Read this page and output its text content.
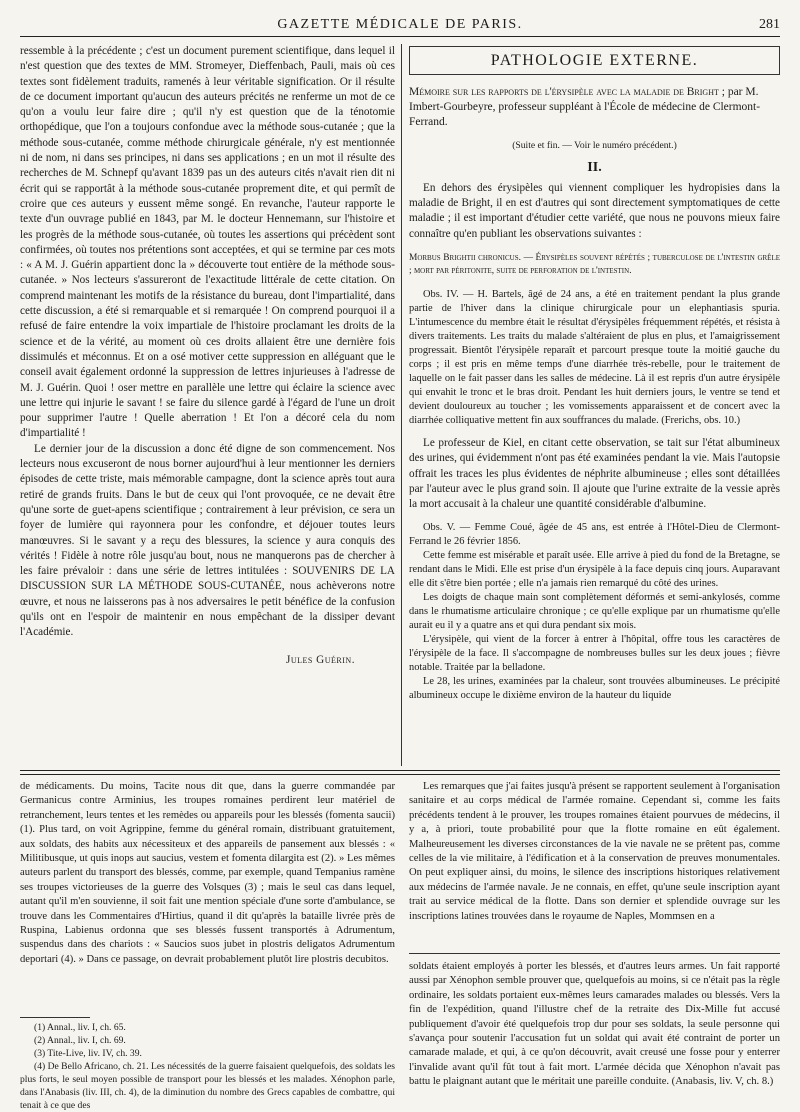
GAZETTE MÉDICALE DE PARIS.	281

ressemble à la précédente ; c'est un document purement scientifique, dans lequel il n'est question que des textes de MM. Stromeyer, Dieffenbach, Pauli, mais où ces textes sont fidèlement traduits, ramenés à leur véritable signification. Or il résulte de ce document important qu'aucun des auteurs précités ne renferme un mot de ce qu'on a voulu leur faire dire ; qu'il n'y est question que de la ténotomie orthopédique, que l'on a toujours confondue avec la méthode sous-cutanée ; que la méthode sous-cutanée, comme méthode chirurgicale générale, n'y est mentionnée ni de nom, ni dans ses principes, ni dans ses applications ; en un mot il résulte des recherches de M. Schnepf qu'avant 1839 pas un des auteurs cités n'avait rien dit ni écrit qui se rapportât à la méthode sous-cutanée proprement dite, et qui permît de croire que ces auteurs y eussent même songé. En revanche, l'auteur rapporte le texte d'un ouvrage publié en 1843, par M. le docteur Hennemann, sur l'histoire et les progrès de la méthode sous-cutanée, où toutes les assertions qui précèdent sont confirmées, où toutes nos prétentions sont acceptées, et qui se termine par ces mots : « A M. J. Guérin appartient donc la » découverte tout entière de la méthode sous-cutanée. » Nos lecteurs s'assureront de l'exactitude littérale de cette citation. On comprend maintenant les motifs de la résistance du bureau, dont l'impartialité, dans cette discussion, a été si remarquable et si remarquée ! On comprend pourquoi il a refusé de faire entendre la voix impartiale de l'histoire proclamant les droits de la science et de la vérité, au moment où ces droits allaient être une dernière fois dissimulés et méconnus. Et on a osé motiver cette suppression en alléguant que le conseil avait également ordonné la suppression de lettres injurieuses à l'adresse de M. J. Guérin. Quoi ! oser mettre en parallèle une lettre qui éclaire la science avec une lettre qui injurie le savant ! se faire du silence gardé à l'égard de l'une un droit pour supprimer l'autre ! Quelle aberration ! Et l'on a décoré cela du nom d'impartialité !

Le dernier jour de la discussion a donc été digne de son commencement. Nos lecteurs nous excuseront de nous borner aujourd'hui à leur mentionner les derniers épisodes de cette triste, mais mémorable campagne, dont la science après tout aura retiré de grands fruits. Dans le but de ceux qui l'ont provoquée, ce ne devait être qu'une sorte de guet-apens scientifique ; contrairement à leur prévision, ce sera un foyer de lumière qui rayonnera pour les confondre, et déjouer toutes leurs manœuvres. Si le savant y a reçu des blessures, la science y aura conquis des vérités ! Fidèle à notre rôle jusqu'au bout, nous ne manquerons pas de chercher à les faire prévaloir : dans une série de lettres intitulées : SOUVENIRS DE LA DISCUSSION SUR LA MÉTHODE SOUS-CUTANÉE, nous achèverons notre œuvre, et nous ne laisserons pas à nos adversaires le petit bénéfice de la confusion qu'ils ont en l'espoir de maintenir en nous empêchant de la dissiper devant l'Académie.

Jules Guérin.
PATHOLOGIE EXTERNE.
Mémoire sur les rapports de l'érysipèle avec la maladie de Bright ; par M. Imbert-Gourbeyre, professeur suppléant à l'École de médecine de Clermont-Ferrand.
(Suite et fin. — Voir le numéro précédent.)
II.

En dehors des érysipèles qui viennent compliquer les hydropisies dans la maladie de Bright, il en est d'autres qui sont directement symptomatiques de cette maladie ; il est important d'étudier cette variété, que nous ne pouvons mieux faire connaître qu'en publiant les observations suivantes :

Morbus Brightii chronicus. — Érysipèles souvent répétés ; tuberculose de l'intestin grêle ; mort par péritonite, suite de perforation de l'intestin.

Obs. IV. — H. Bartels, âgé de 24 ans, a été en traitement pendant la plus grande partie de l'hiver dans la clinique chirurgicale pour un elephantiasis spuria. L'intumescence du membre était le résultat d'érysipèles fréquemment répétés, et résista à divers traitements. Les traits du malade s'altéraient de plus en plus, et l'amaigrissement progressait. Bientôt l'érysipèle reparaît et parcourt presque toute la moitié gauche du corps ; il est pris en même temps d'une diarrhée très-rebelle, pour le traitement de laquelle on le fait passer dans les salles de médecine. Là il est repris d'un autre érysipèle qui envahit le tronc et le bras droit. Pendant les huit derniers jours, le ventre se tend et devient douloureux au toucher ; les vomissements apparaissent et de concert avec la diarrhée colliquative mettent fin aux souffrances du malade. (Frerichs, obs. 10.)

Le professeur de Kiel, en citant cette observation, se tait sur l'état albumineux des urines, qui évidemment n'ont pas été examinées pendant la vie. Mais l'autopsie offrait les traces les plus évidentes de néphrite albumineuse ; elles sont détaillées par l'auteur avec le plus grand soin. Il ajoute que l'urine extraite de la vessie après la mort accusait à la chaleur une quantité considérable d'albumine.

Obs. V. — Femme Coué, âgée de 45 ans, est entrée à l'Hôtel-Dieu de Clermont-Ferrand le 26 février 1856.

Cette femme est misérable et paraît usée. Elle arrive à pied du fond de la Bretagne, se rendant dans le Midi. Elle est prise d'un érysipèle à la face depuis cinq jours. Auparavant elle dit s'être bien portée ; elle n'a jamais rien remarqué du côté des urines.

Les doigts de chaque main sont complètement déformés et semi-ankylosés, comme dans le rhumatisme articulaire chronique ; ce qu'elle explique par un rhumatisme qu'elle aurait eu il y a quatre ans et qui dura pendant six mois.

L'érysipèle, qui vient de la forcer à entrer à l'hôpital, offre tous les caractères de l'érysipèle de la face. Il s'accompagne de nombreuses bulles sur les deux joues ; fièvre notable. Traitée par la belladone.

Le 28, les urines, examinées par la chaleur, sont trouvées albumineuses. Le précipité albumineux occupe le dixième environ de la hauteur du liquide

de médicaments. Du moins, Tacite nous dit que, dans la guerre commandée par Germanicus contre Arminius, les troupes romaines perdirent leur matériel de retranchement, leurs tentes et les remèdes ou appareils pour les blessés (fomenta saucii) (1). Plus tard, on voit Agrippine, femme du général romain, distribuant gratuitement, aux soldats, des habits aux nécessiteux et des appareils de pansement aux blessés : « Militibusque, ut quis inops aut saucius, vestem et fomenta dilargita est (2). » Les mêmes auteurs parlent du transport des blessés, comme, par exemple, quand Tempanius ramène ses troupes victorieuses de la guerre des Volsques (3) ; mais le seul cas dans lequel, autant qu'il m'en souvienne, il soit fait une mention spéciale d'une sorte d'ambulance, se trouve dans les Commentaires d'Hirtius, quand il dit qu'après la bataille livrée près de Ruspina, Labienus ordonna que ses blessés fussent transportés à Adrumentum, suspendus dans des chariots : « Saucios suos jubet in plostris deligatos Adrumentum deportari (4). » Dans ce passage, on devrait probablement plutôt lire plostris decubitos.

Les remarques que j'ai faites jusqu'à présent se rapportent seulement à l'organisation sanitaire et au corps médical de l'armée romaine. Cependant si, comme les faits précédents tendent à le prouver, les troupes romaines étaient pourvues de médecins, il y a, à priori, toute probabilité pour que la flotte romaine en eût également. Malheureusement les diverses circonstances de la vie navale ne se prêtent pas, comme celles de la vie militaire, à l'édification et à la conservation de preuves monumentales. On peut expliquer ainsi, du moins, le silence des inscriptions historiques relativement aux médecins de l'armée navale. Je ne connais, en effet, qu'une seule inscription ayant trait au service médical de la flotte. Dans son dernier et splendide ouvrage sur les inscriptions latines trouvées dans le royaume de Naples, Mommsen en a

soldats étaient employés à porter les blessés, et d'autres leurs armes. Un fait rapporté aussi par Xénophon semble prouver que, quelquefois au moins, si ce n'était pas la règle ordinaire, les soldats portaient eux-mêmes leurs camarades malades ou blessés. Vers la fin de l'expédition, quand l'illustre chef de la retraite des Dix-Mille fut accusé publiquement d'avoir été quelquefois trop dur pour ses soldats, la seule personne qui s'avança pour soutenir l'accusation fut un soldat qui avait été contraint de porter un camarade malade, et qui, à ce qu'on découvrit, avait creusé une fosse pour y enterrer l'invalide avant qu'il fût tout à fait mort. L'armée décida que Xénophon n'avait pas battu le plaignant autant que le méritait une pareille conduite. (Anabasis, liv. V, ch. 8.)

(1) Annal., liv. I, ch. 65.

(2) Annal., liv. I, ch. 69.

(3) Tite-Live, liv. IV, ch. 39.

(4) De Bello Africano, ch. 21. Les nécessités de la guerre faisaient quelquefois, des soldats les plus forts, le seul moyen possible de transport pour les blessés et les malades. Xénophon parle, dans l'Anabasis (liv. III, ch. 4), de la diminution du nombre des Grecs capables de combattre, qui tenait à ce que des
